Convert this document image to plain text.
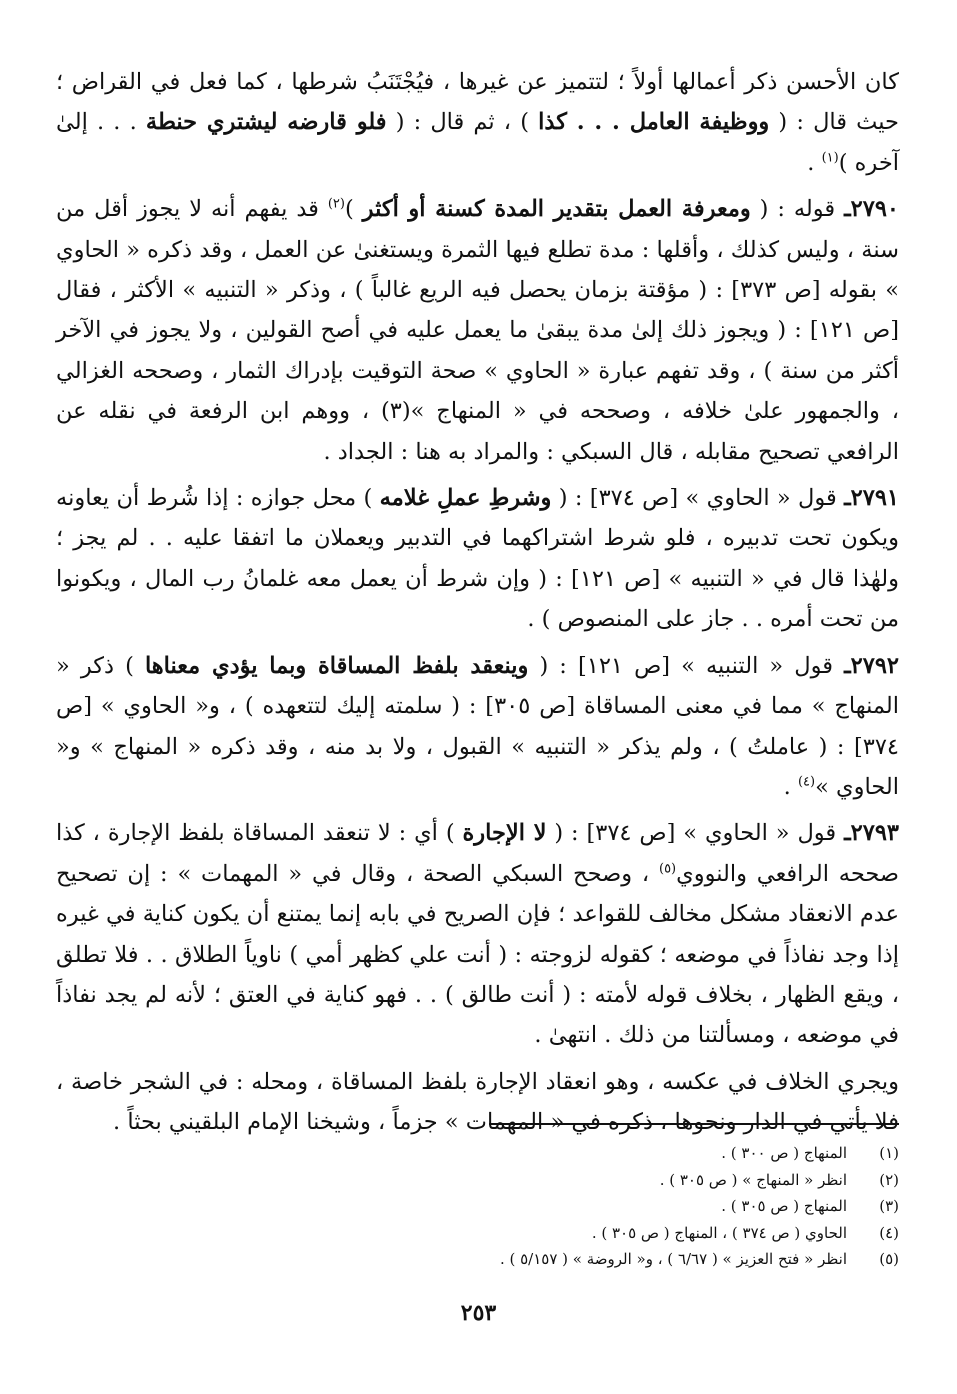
كان الأحسن ذكر أعمالها أولاً ؛ لتتميز عن غيرها ، فيُجْتَنَبُ شرطها ، كما فعل في القراض ؛ حيث قال : ( ووظيفة العامل . . . كذا ) ، ثم قال : ( فلو قارضه ليشتري حنطة . . . إلىٰ آخره )$^{(١)}$ .

٢٧٩٠ـ قوله : ( ومعرفة العمل بتقدير المدة كسنة أو أكثر )$^{(٢)}$ قد يفهم أنه لا يجوز أقل من سنة ، وليس كذلك ، وأقلها : مدة تطلع فيها الثمرة ويستغنىٰ عن العمل ، وقد ذكره « الحاوي » بقوله [ص ٣٧٣] : ( مؤقتة بزمان يحصل فيه الريع غالباً ) ، وذكر « التنبيه » الأكثر ، فقال [ص ١٢١] : ( ويجوز ذلك إلىٰ مدة يبقىٰ ما يعمل عليه في أصح القولين ، ولا يجوز في الآخر أكثر من سنة ) ، وقد تفهم عبارة « الحاوي » صحة التوقيت بإدراك الثمار ، وصححه الغزالي ، والجمهور علىٰ خلافه ، وصححه في « المنهاج »(٣) ، ووهم ابن الرفعة في نقله عن الرافعي تصحيح مقابله ، قال السبكي : والمراد به هنا : الجداد .

٢٧٩١ـ قول « الحاوي » [ص ٣٧٤] : ( وشرطِ عملِ غلامه ) محل جوازه : إذا شُرط أن يعاونه ويكون تحت تدبيره ، فلو شرط اشتراكهما في التدبير ويعملان ما اتفقا عليه . . لم يجز ؛ ولهٰذا قال في « التنبيه » [ص ١٢١] : ( وإن شرط أن يعمل معه غلمانُ رب المال ، ويكونوا من تحت أمره . . جاز على المنصوص ) .

٢٧٩٢ـ قول « التنبيه » [ص ١٢١] : ( وينعقد بلفظ المساقاة وبما يؤدي معناها ) ذكر « المنهاج » مما في معنى المساقاة [ص ٣٠٥] : ( سلمته إليك لتتعهده ) ، و« الحاوي » [ص ٣٧٤] : ( عاملتُ ) ، ولم يذكر « التنبيه » القبول ، ولا بد منه ، وقد ذكره « المنهاج » و« الحاوي »$^{(٤)}$ .

٢٧٩٣ـ قول « الحاوي » [ص ٣٧٤] : ( لا الإجارة ) أي : لا تنعقد المساقاة بلفظ الإجارة ، كذا صححه الرافعي والنووي$^{(٥)}$ ، وصحح السبكي الصحة ، وقال في « المهمات » : إن تصحيح عدم الانعقاد مشكل مخالف للقواعد ؛ فإن الصريح في بابه إنما يمتنع أن يكون كناية في غيره إذا وجد نفاذاً في موضعه ؛ كقوله لزوجته : ( أنت علي كظهر أمي ) ناوياً الطلاق . . فلا تطلق ، ويقع الظهار ، بخلاف قوله لأمته : ( أنت طالق ) . . فهو كناية في العتق ؛ لأنه لم يجد نفاذاً في موضعه ، ومسألتنا من ذلك . انتهىٰ .

ويجري الخلاف في عكسه ، وهو انعقاد الإجارة بلفظ المساقاة ، ومحله : في الشجر خاصة ، فلا يأتي في الدار ونحوها ، ذكره في « المهمات » جزماً ، وشيخنا الإمام البلقيني بحثاً .

(١)
المنهاج ( ص ٣٠٠ ) .
(٢)
انظر « المنهاج » ( ص ٣٠٥ ) .
(٣)
المنهاج ( ص ٣٠٥ ) .
(٤)
الحاوي ( ص ٣٧٤ ) ، المنهاج ( ص ٣٠٥ ) .
(٥)
انظر « فتح العزيز » ( ٦/٦٧ ) ، و« الروضة » ( ٥/١٥٧ ) .
٢٥٣
